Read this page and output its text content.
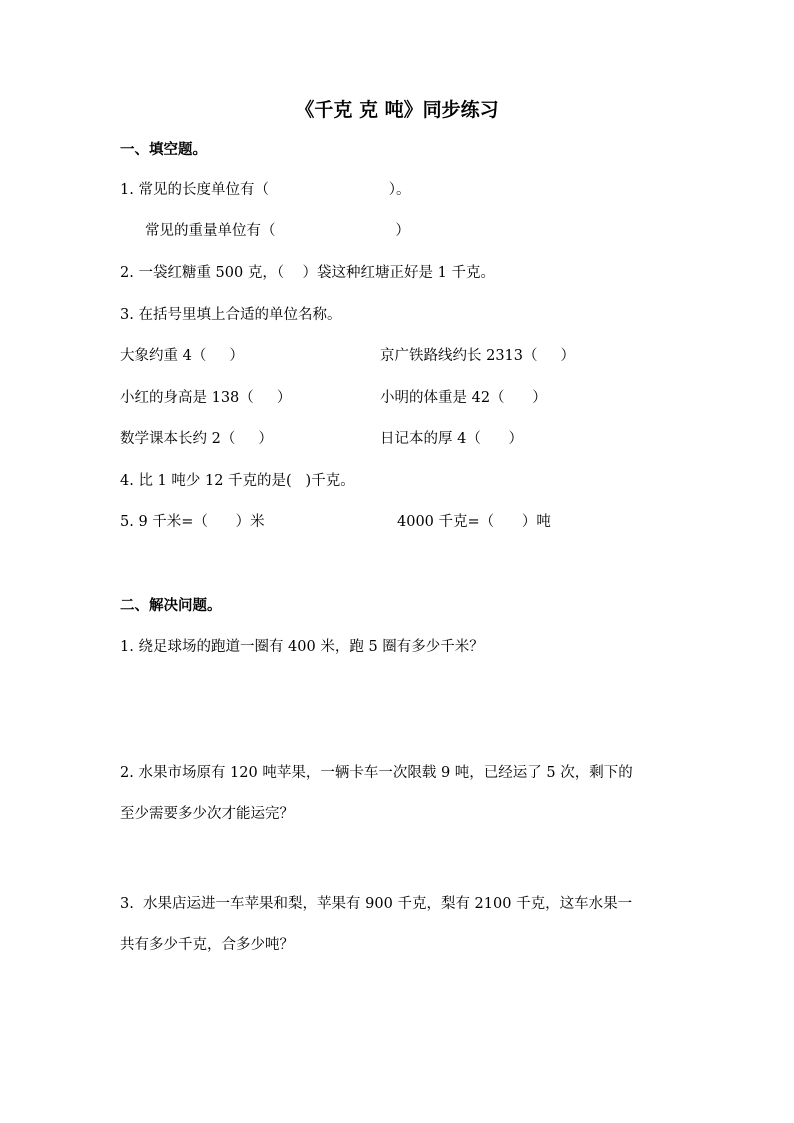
《千克 克 吨》同步练习
一、填空题。
1. 常见的长度单位有（                          ）。
常见的重量单位有（                          ）
2. 一袋红糖重 500 克，（    ）袋这种红塘正好是 1 千克。
3. 在括号里填上合适的单位名称。
大象约重 4（     ）	京广铁路线约长 2313（     ）
小红的身高是 138（     ）	小明的体重是 42（      ）
数学课本长约 2（     ）	日记本的厚 4（      ）
4. 比 1 吨少 12 千克的是(   )千克。
5. 9 千米=（      ）米	4000 千克=（      ）吨
二、解决问题。
1. 绕足球场的跑道一圈有 400 米，跑 5 圈有多少千米？
2. 水果市场原有 120 吨苹果，一辆卡车一次限载 9 吨，已经运了 5 次，剩下的
至少需要多少次才能运完？
3.  水果店运进一车苹果和梨，苹果有 900 千克，梨有 2100 千克，这车水果一
共有多少千克，合多少吨？
